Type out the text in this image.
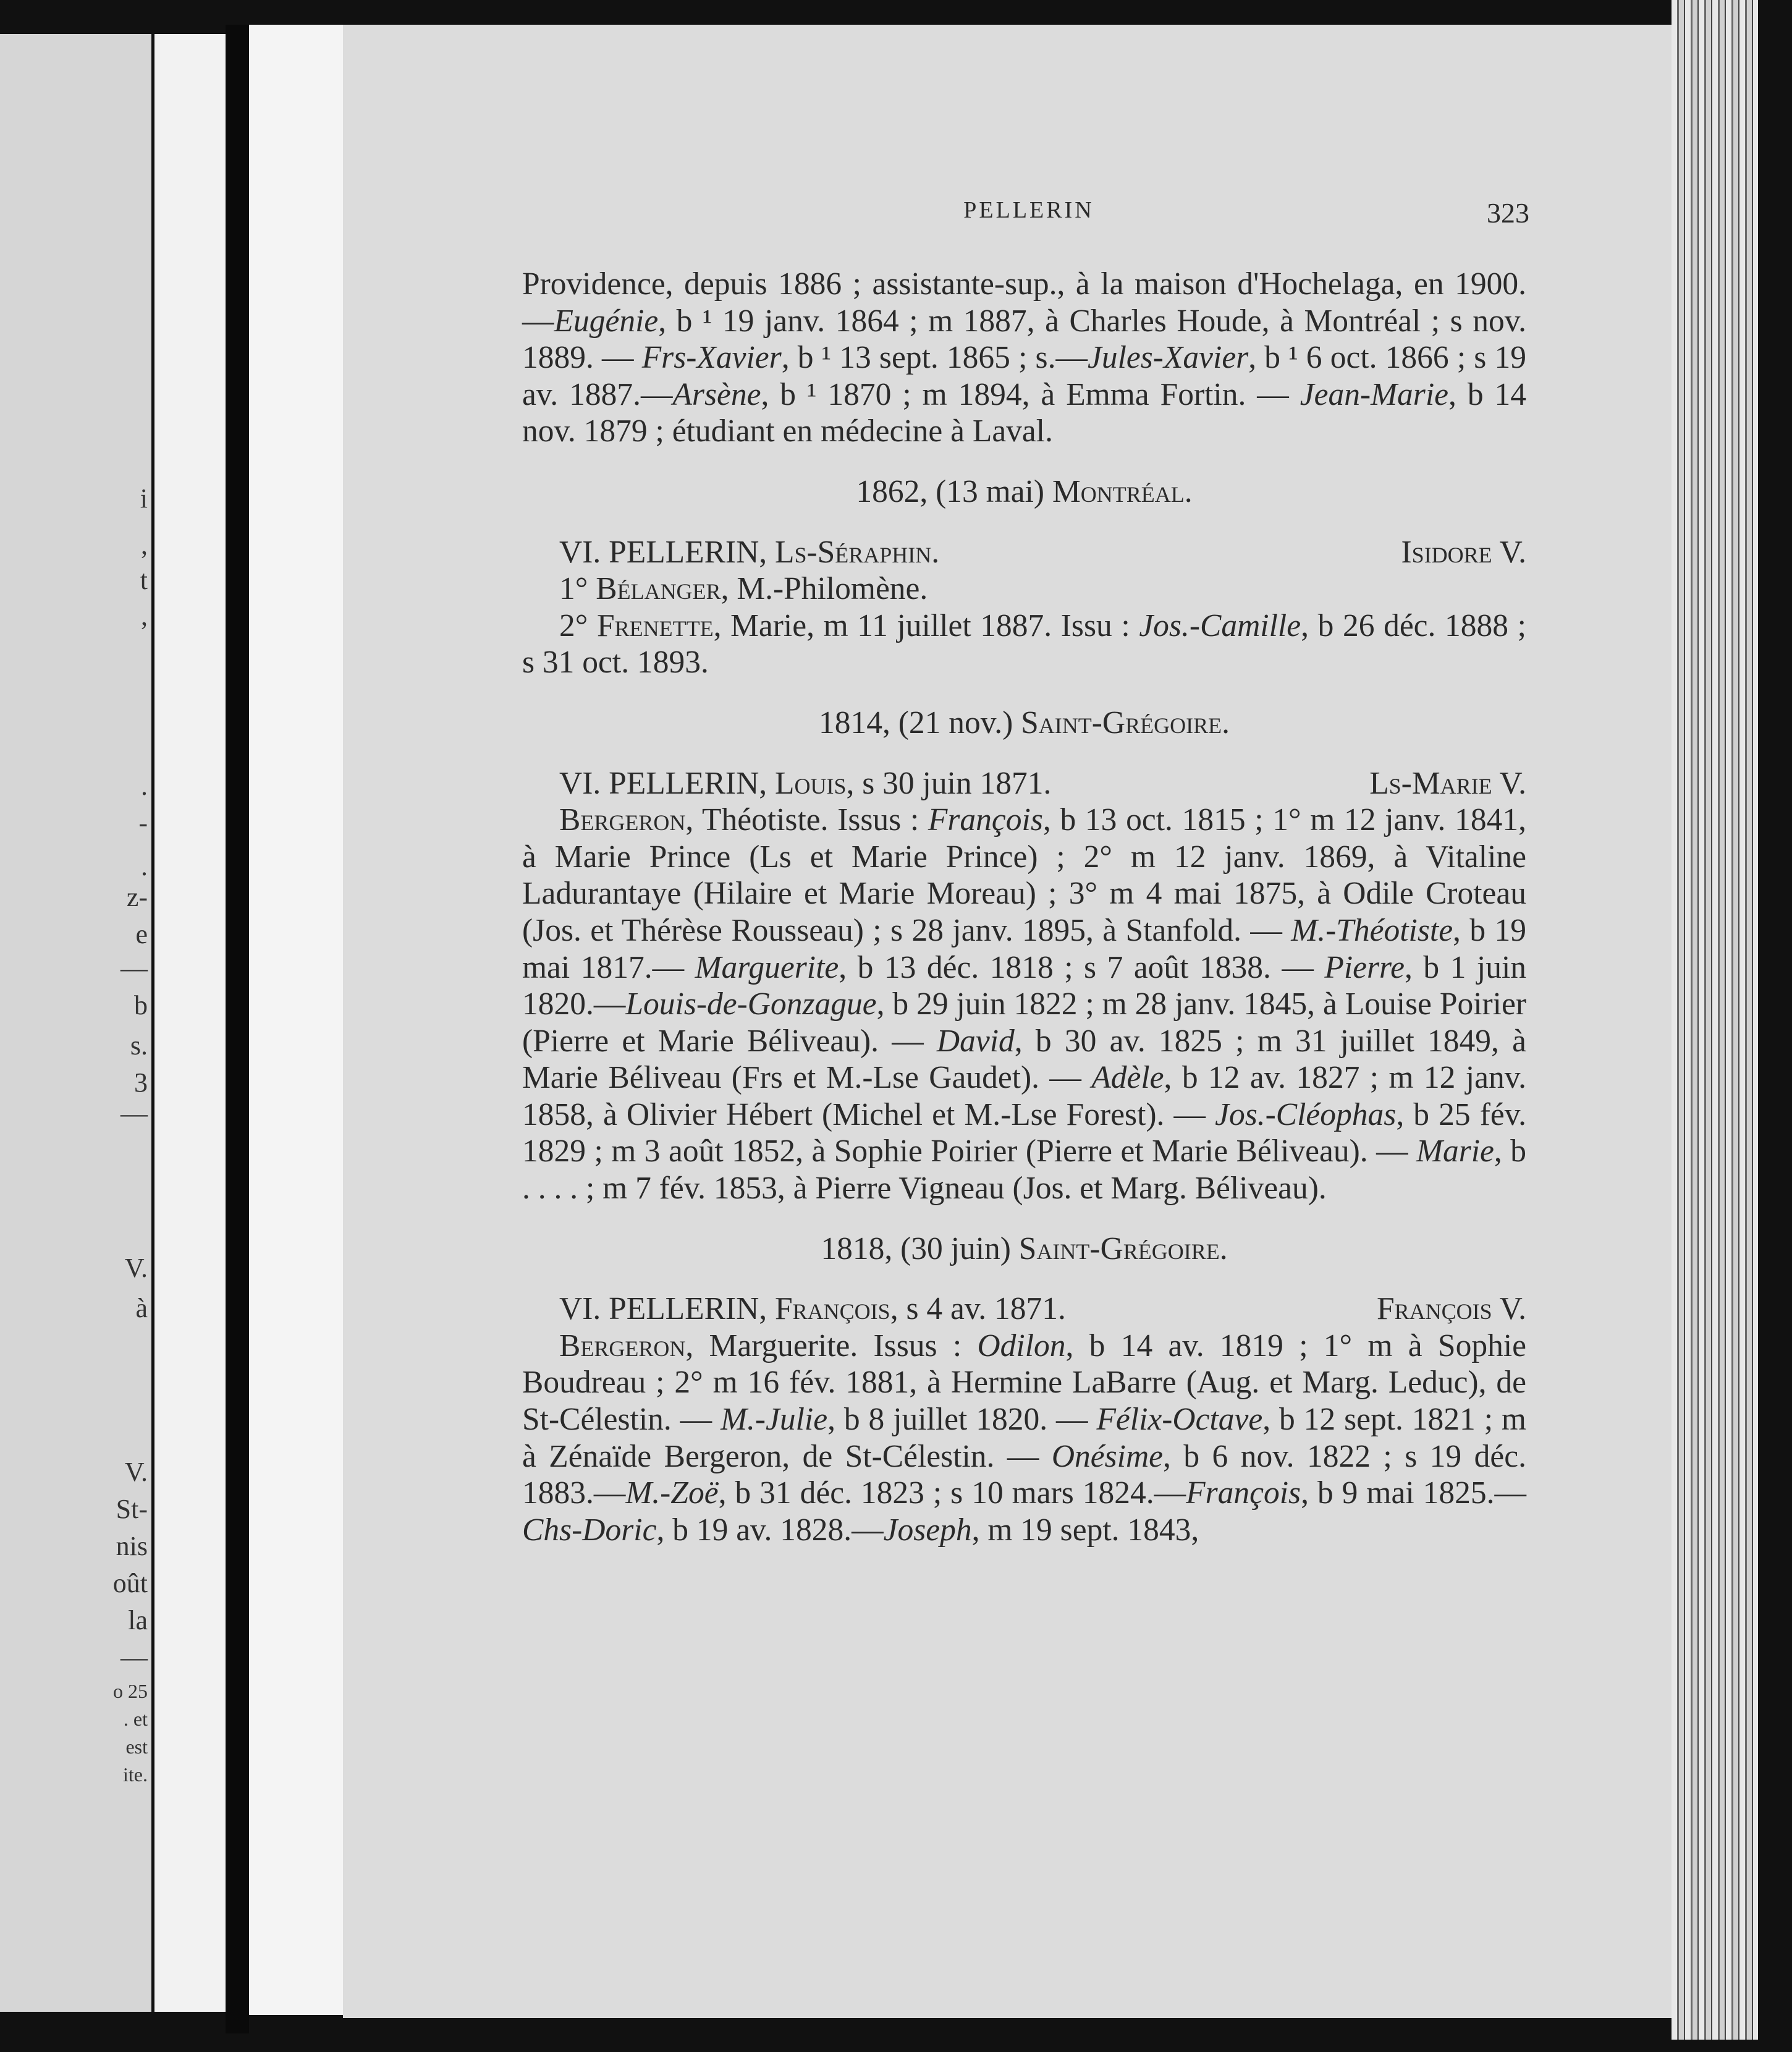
i
,
t
,
.
-
.
z-
e
—
b
s.
3
—
V.
à
V.
St-
nis
oût
la
—
o 25
. et
est
ite.
PELLERIN	323

Providence, depuis 1886 ; assistante-sup., à la maison d'Hochelaga, en 1900.—Eugénie, b ¹ 19 janv. 1864 ; m 1887, à Charles Houde, à Montréal ; s nov. 1889. — Frs-Xavier, b ¹ 13 sept. 1865 ; s.—Jules-Xavier, b ¹ 6 oct. 1866 ; s 19 av. 1887.—Arsène, b ¹ 1870 ; m 1894, à Emma Fortin. — Jean-Marie, b 14 nov. 1879 ; étudiant en médecine à Laval.

1862, (13 mai) Montréal.

VI. PELLERIN, Ls-Séraphin.	Isidore V.

1° Bélanger, M.-Philomène.

2° Frenette, Marie, m 11 juillet 1887. Issu : Jos.-Camille, b 26 déc. 1888 ; s 31 oct. 1893.

1814, (21 nov.) Saint-Grégoire.

VI. PELLERIN, Louis, s 30 juin 1871.	Ls-Marie V.

Bergeron, Théotiste. Issus : François, b 13 oct. 1815 ; 1° m 12 janv. 1841, à Marie Prince (Ls et Marie Prince) ; 2° m 12 janv. 1869, à Vitaline Ladurantaye (Hilaire et Marie Moreau) ; 3° m 4 mai 1875, à Odile Croteau (Jos. et Thérèse Rousseau) ; s 28 janv. 1895, à Stanfold. — M.-Théotiste, b 19 mai 1817.— Marguerite, b 13 déc. 1818 ; s 7 août 1838. — Pierre, b 1 juin 1820.—Louis-de-Gonzague, b 29 juin 1822 ; m 28 janv. 1845, à Louise Poirier (Pierre et Marie Béliveau). — David, b 30 av. 1825 ; m 31 juillet 1849, à Marie Béliveau (Frs et M.-Lse Gaudet). — Adèle, b 12 av. 1827 ; m 12 janv. 1858, à Olivier Hébert (Michel et M.-Lse Forest). — Jos.-Cléophas, b 25 fév. 1829 ; m 3 août 1852, à Sophie Poirier (Pierre et Marie Béliveau). — Marie, b . . . . ; m 7 fév. 1853, à Pierre Vigneau (Jos. et Marg. Béliveau).

1818, (30 juin) Saint-Grégoire.

VI. PELLERIN, François, s 4 av. 1871.	François V.

Bergeron, Marguerite. Issus : Odilon, b 14 av. 1819 ; 1° m à Sophie Boudreau ; 2° m 16 fév. 1881, à Hermine LaBarre (Aug. et Marg. Leduc), de St-Célestin. — M.-Julie, b 8 juillet 1820. — Félix-Octave, b 12 sept. 1821 ; m à Zénaïde Bergeron, de St-Célestin. — Onésime, b 6 nov. 1822 ; s 19 déc. 1883.—M.-Zoë, b 31 déc. 1823 ; s 10 mars 1824.—François, b 9 mai 1825.—Chs-Doric, b 19 av. 1828.—Joseph, m 19 sept. 1843,
